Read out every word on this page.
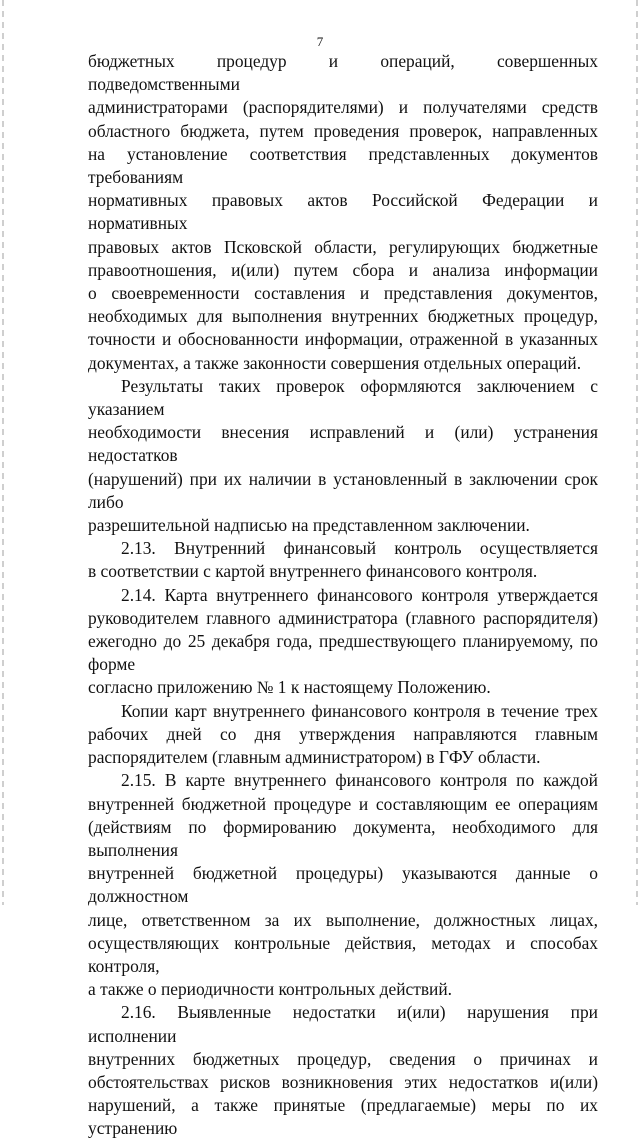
7
бюджетных процедур и операций, совершенных подведомственными
администраторами (распорядителями) и получателями средств
областного бюджета, путем проведения проверок, направленных
на установление соответствия представленных документов требованиям
нормативных правовых актов Российской Федерации и нормативных
правовых актов Псковской области, регулирующих бюджетные
правоотношения, и(или) путем сбора и анализа информации
о своевременности составления и представления документов,
необходимых для выполнения внутренних бюджетных процедур,
точности и обоснованности информации, отраженной в указанных
документах, а также законности совершения отдельных операций.
Результаты таких проверок оформляются заключением с указанием
необходимости внесения исправлений и (или) устранения недостатков
(нарушений) при их наличии в установленный в заключении срок либо
разрешительной надписью на представленном заключении.
2.13. Внутренний финансовый контроль осуществляется
в соответствии с картой внутреннего финансового контроля.
2.14. Карта внутреннего финансового контроля утверждается
руководителем главного администратора (главного распорядителя)
ежегодно до 25 декабря года, предшествующего планируемому, по форме
согласно приложению № 1 к настоящему Положению.
Копии карт внутреннего финансового контроля в течение трех
рабочих дней со дня утверждения направляются главным
распорядителем (главным администратором) в ГФУ области.
2.15. В карте внутреннего финансового контроля по каждой
внутренней бюджетной процедуре и составляющим ее операциям
(действиям по формированию документа, необходимого для выполнения
внутренней бюджетной процедуры) указываются данные о должностном
лице, ответственном за их выполнение, должностных лицах,
осуществляющих контрольные действия, методах и способах контроля,
а также о периодичности контрольных действий.
2.16. Выявленные недостатки и(или) нарушения при исполнении
внутренних бюджетных процедур, сведения о причинах и
обстоятельствах рисков возникновения этих недостатков и(или)
нарушений, а также принятые (предлагаемые) меры по их устранению
